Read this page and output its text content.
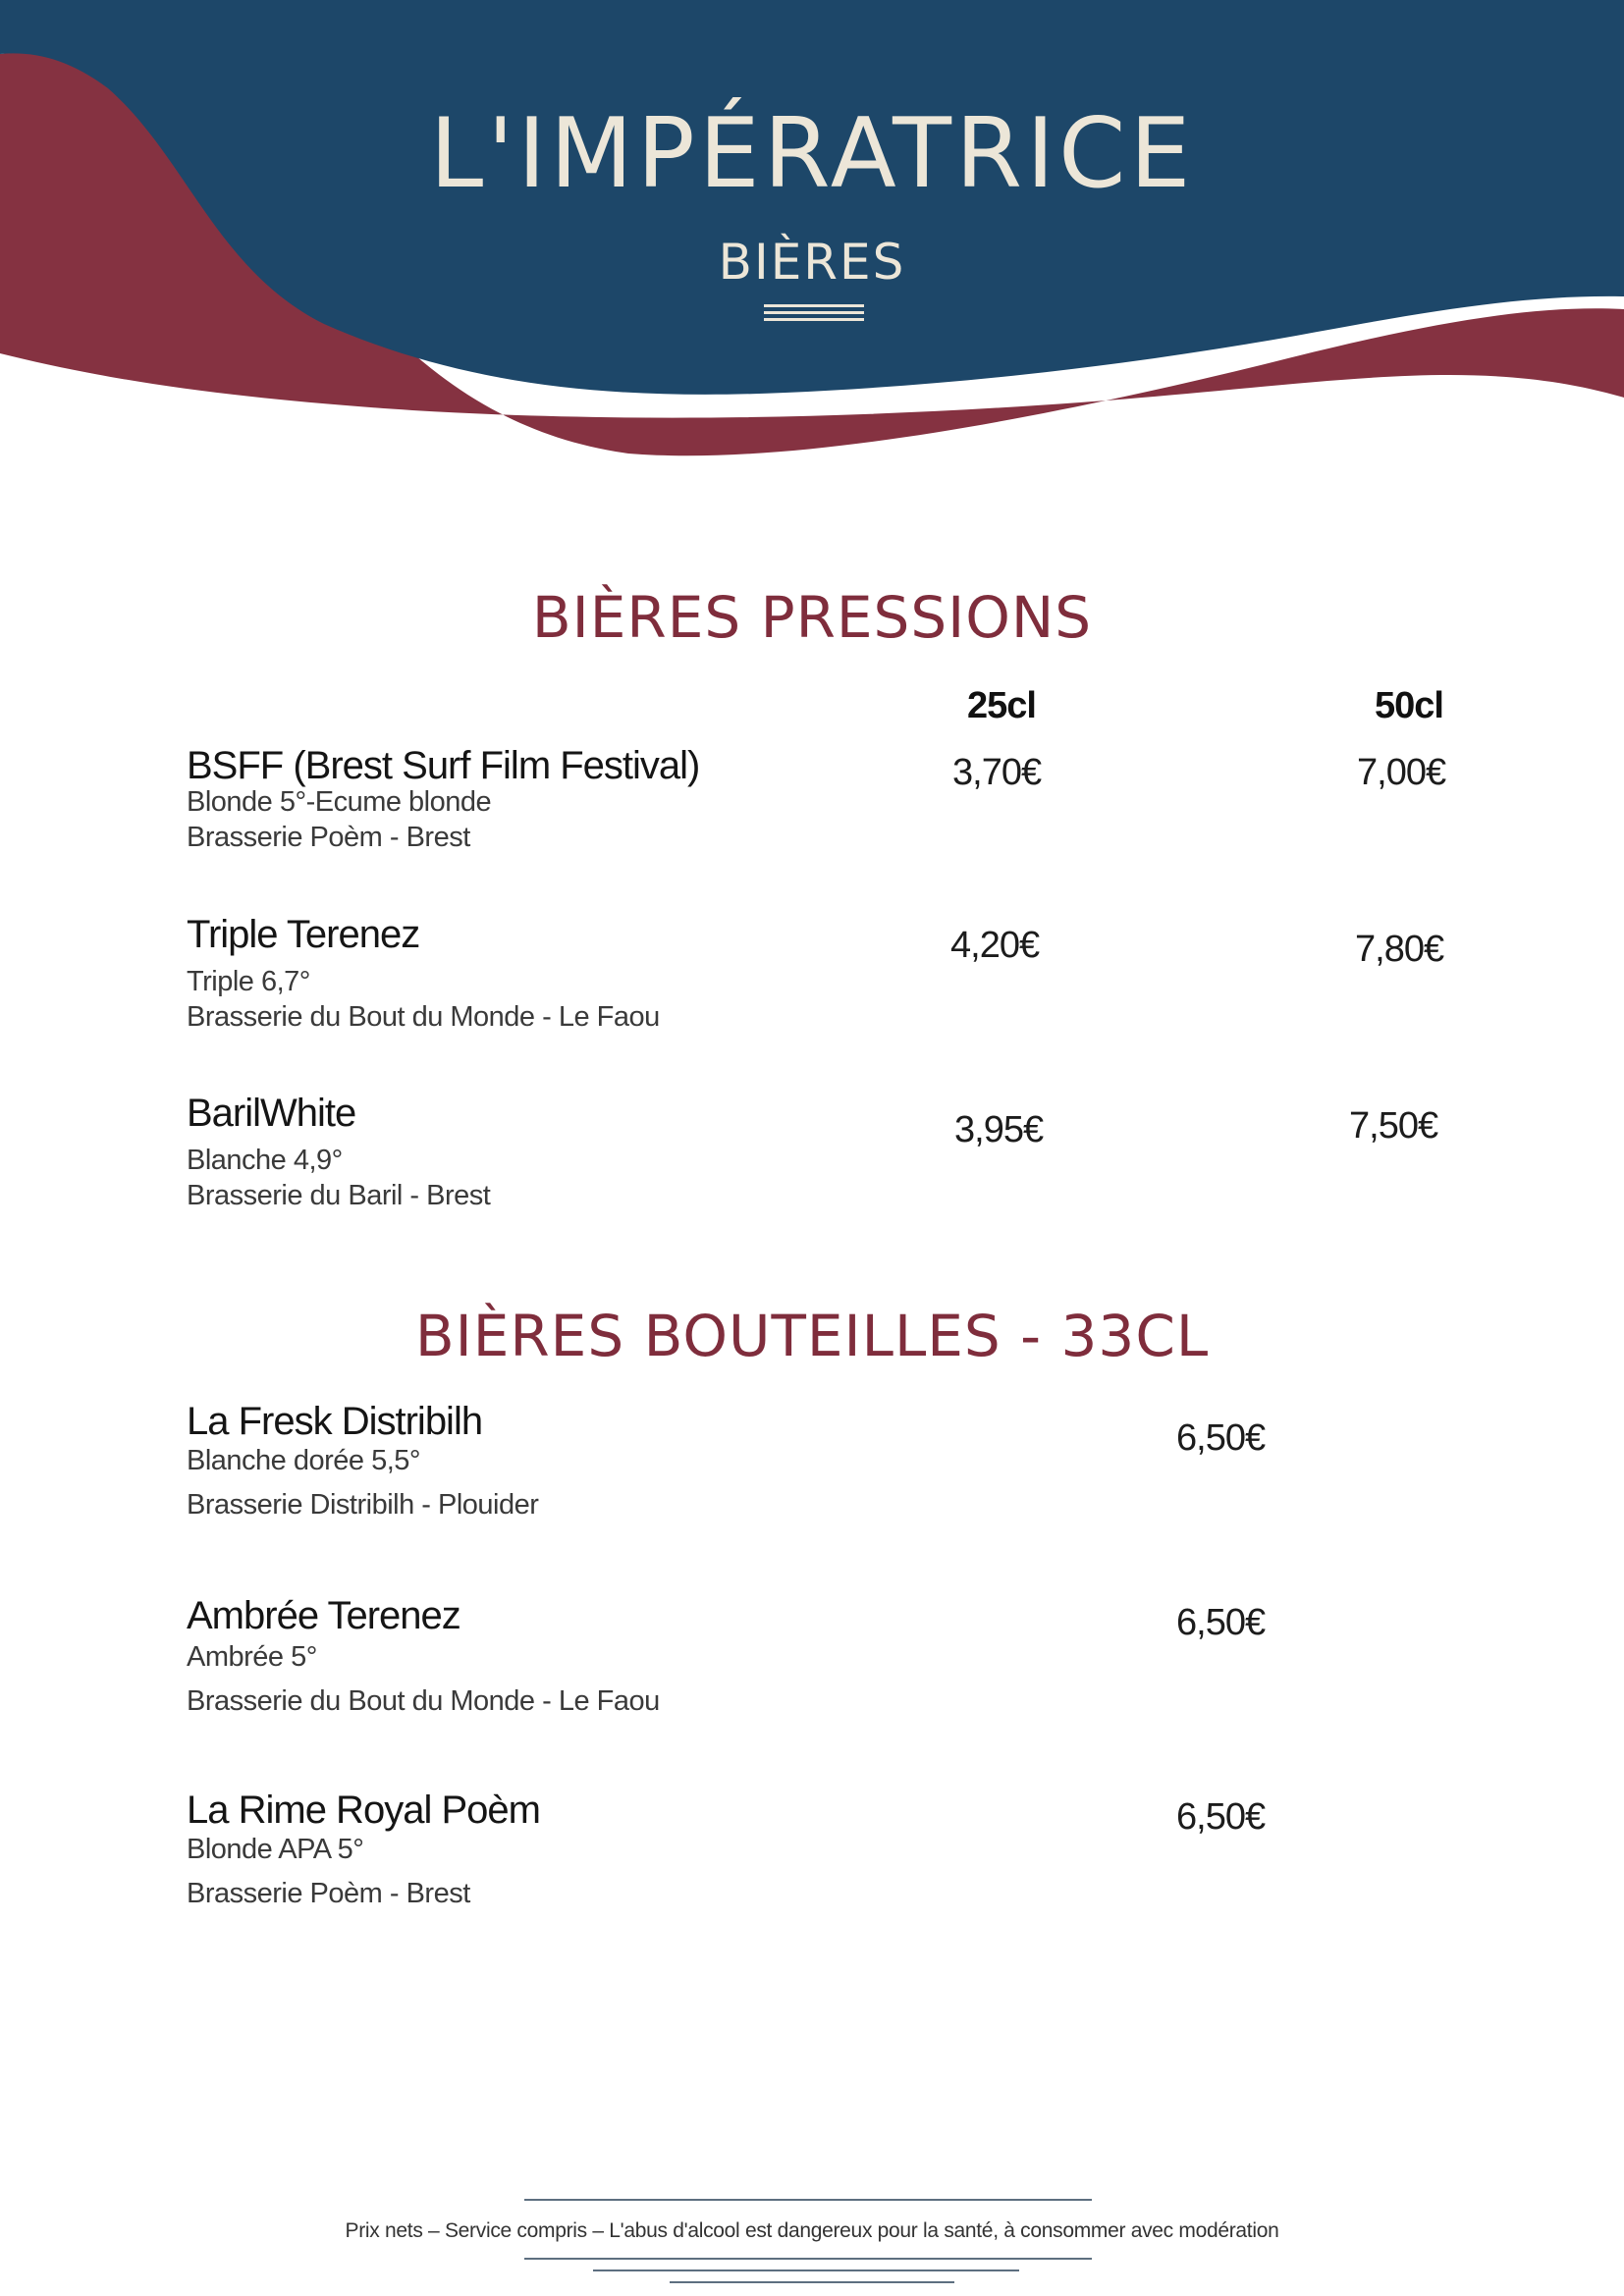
L'IMPÉRATRICE
BIÈRES
BIÈRES PRESSIONS
25cl	50cl
BSFF (Brest Surf Film Festival)
Blonde 5°-Ecume blonde
Brasserie Poèm - Brest
3,70€	7,00€
Triple Terenez
Triple 6,7°
Brasserie du Bout du Monde - Le Faou
4,20€	7,80€
BarilWhite
Blanche 4,9°
Brasserie du Baril - Brest
3,95€	7,50€
BIÈRES BOUTEILLES - 33CL
La Fresk Distribilh
Blanche dorée 5,5°
Brasserie Distribilh - Plouider
6,50€
Ambrée Terenez
Ambrée 5°
Brasserie du Bout du Monde - Le Faou
6,50€
La Rime Royal Poèm
Blonde APA 5°
Brasserie Poèm - Brest
6,50€
Prix nets – Service compris – L'abus d'alcool est dangereux pour la santé, à consommer avec modération
